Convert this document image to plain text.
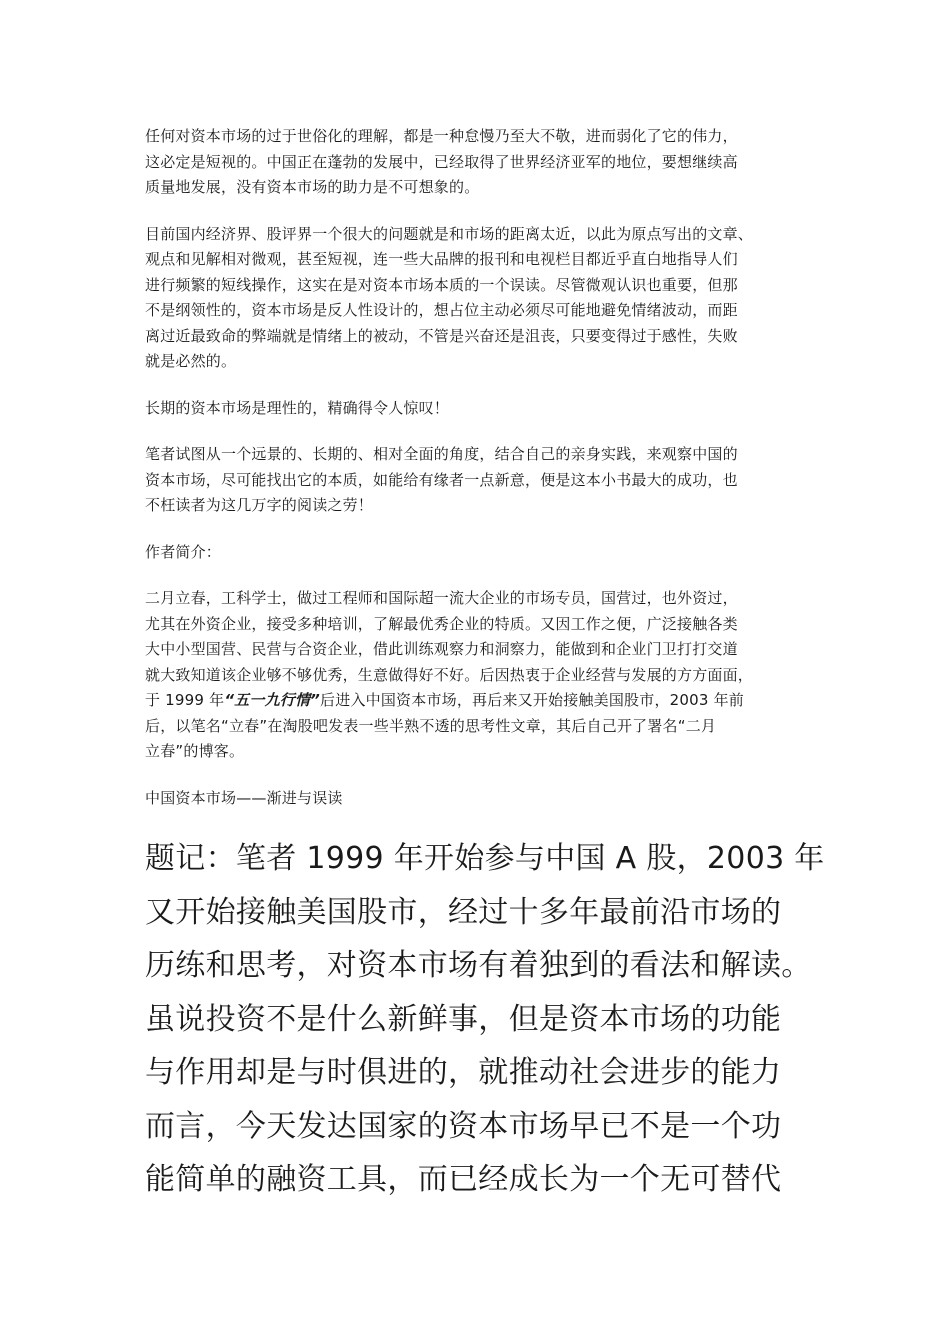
任何对资本市场的过于世俗化的理解，都是一种怠慢乃至大不敬，进而弱化了它的伟力，
这必定是短视的。中国正在蓬勃的发展中，已经取得了世界经济亚军的地位，要想继续高
质量地发展，没有资本市场的助力是不可想象的。

目前国内经济界、股评界一个很大的问题就是和市场的距离太近，以此为原点写出的文章、
观点和见解相对微观，甚至短视，连一些大品牌的报刊和电视栏目都近乎直白地指导人们
进行频繁的短线操作，这实在是对资本市场本质的一个误读。尽管微观认识也重要，但那
不是纲领性的，资本市场是反人性设计的，想占位主动必须尽可能地避免情绪波动，而距
离过近最致命的弊端就是情绪上的被动，不管是兴奋还是沮丧，只要变得过于感性，失败
就是必然的。

长期的资本市场是理性的，精确得令人惊叹！

笔者试图从一个远景的、长期的、相对全面的角度，结合自己的亲身实践，来观察中国的
资本市场，尽可能找出它的本质，如能给有缘者一点新意，便是这本小书最大的成功，也
不枉读者为这几万字的阅读之劳！

作者简介：

二月立春，工科学士，做过工程师和国际超一流大企业的市场专员，国营过，也外资过，
尤其在外资企业，接受多种培训，了解最优秀企业的特质。又因工作之便，广泛接触各类
大中小型国营、民营与合资企业，借此训练观察力和洞察力，能做到和企业门卫打打交道
就大致知道该企业够不够优秀，生意做得好不好。后因热衷于企业经营与发展的方方面面，
于 1999 年“五一九行情”后进入中国资本市场，再后来又开始接触美国股市，2003 年前
后，以笔名“立春”在淘股吧发表一些半熟不透的思考性文章，其后自己开了署名“二月
立春”的博客。

中国资本市场——渐进与误读

题记：笔者 1999 年开始参与中国 A 股，2003 年
又开始接触美国股市，经过十多年最前沿市场的
历练和思考，对资本市场有着独到的看法和解读。
虽说投资不是什么新鲜事，但是资本市场的功能
与作用却是与时俱进的，就推动社会进步的能力
而言，今天发达国家的资本市场早已不是一个功
能简单的融资工具，而已经成长为一个无可替代
